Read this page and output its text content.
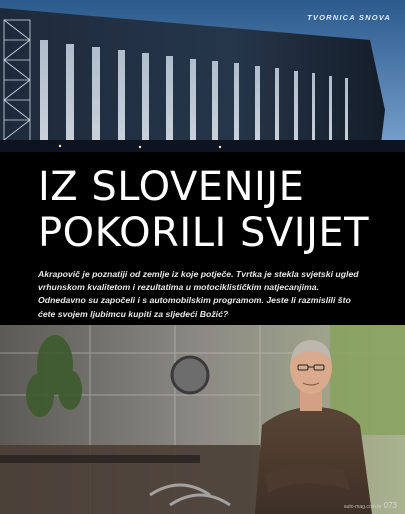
TVORNICA SNOVA
IZ SLOVENIJE
POKORILI SVIJET

Akrapovič je poznatiji od zemlje iz koje potječe. Tvrtka je stekla svjetski ugled vrhunskom kvalitetom i rezultatima u motociklističkim natjecanjima. Odnedavno su započeli i s automobilskim programom. Jeste li razmislili što ćete svojem ljubimcu kupiti za sljedeći Božić?

auto-mag.com.hr 073
